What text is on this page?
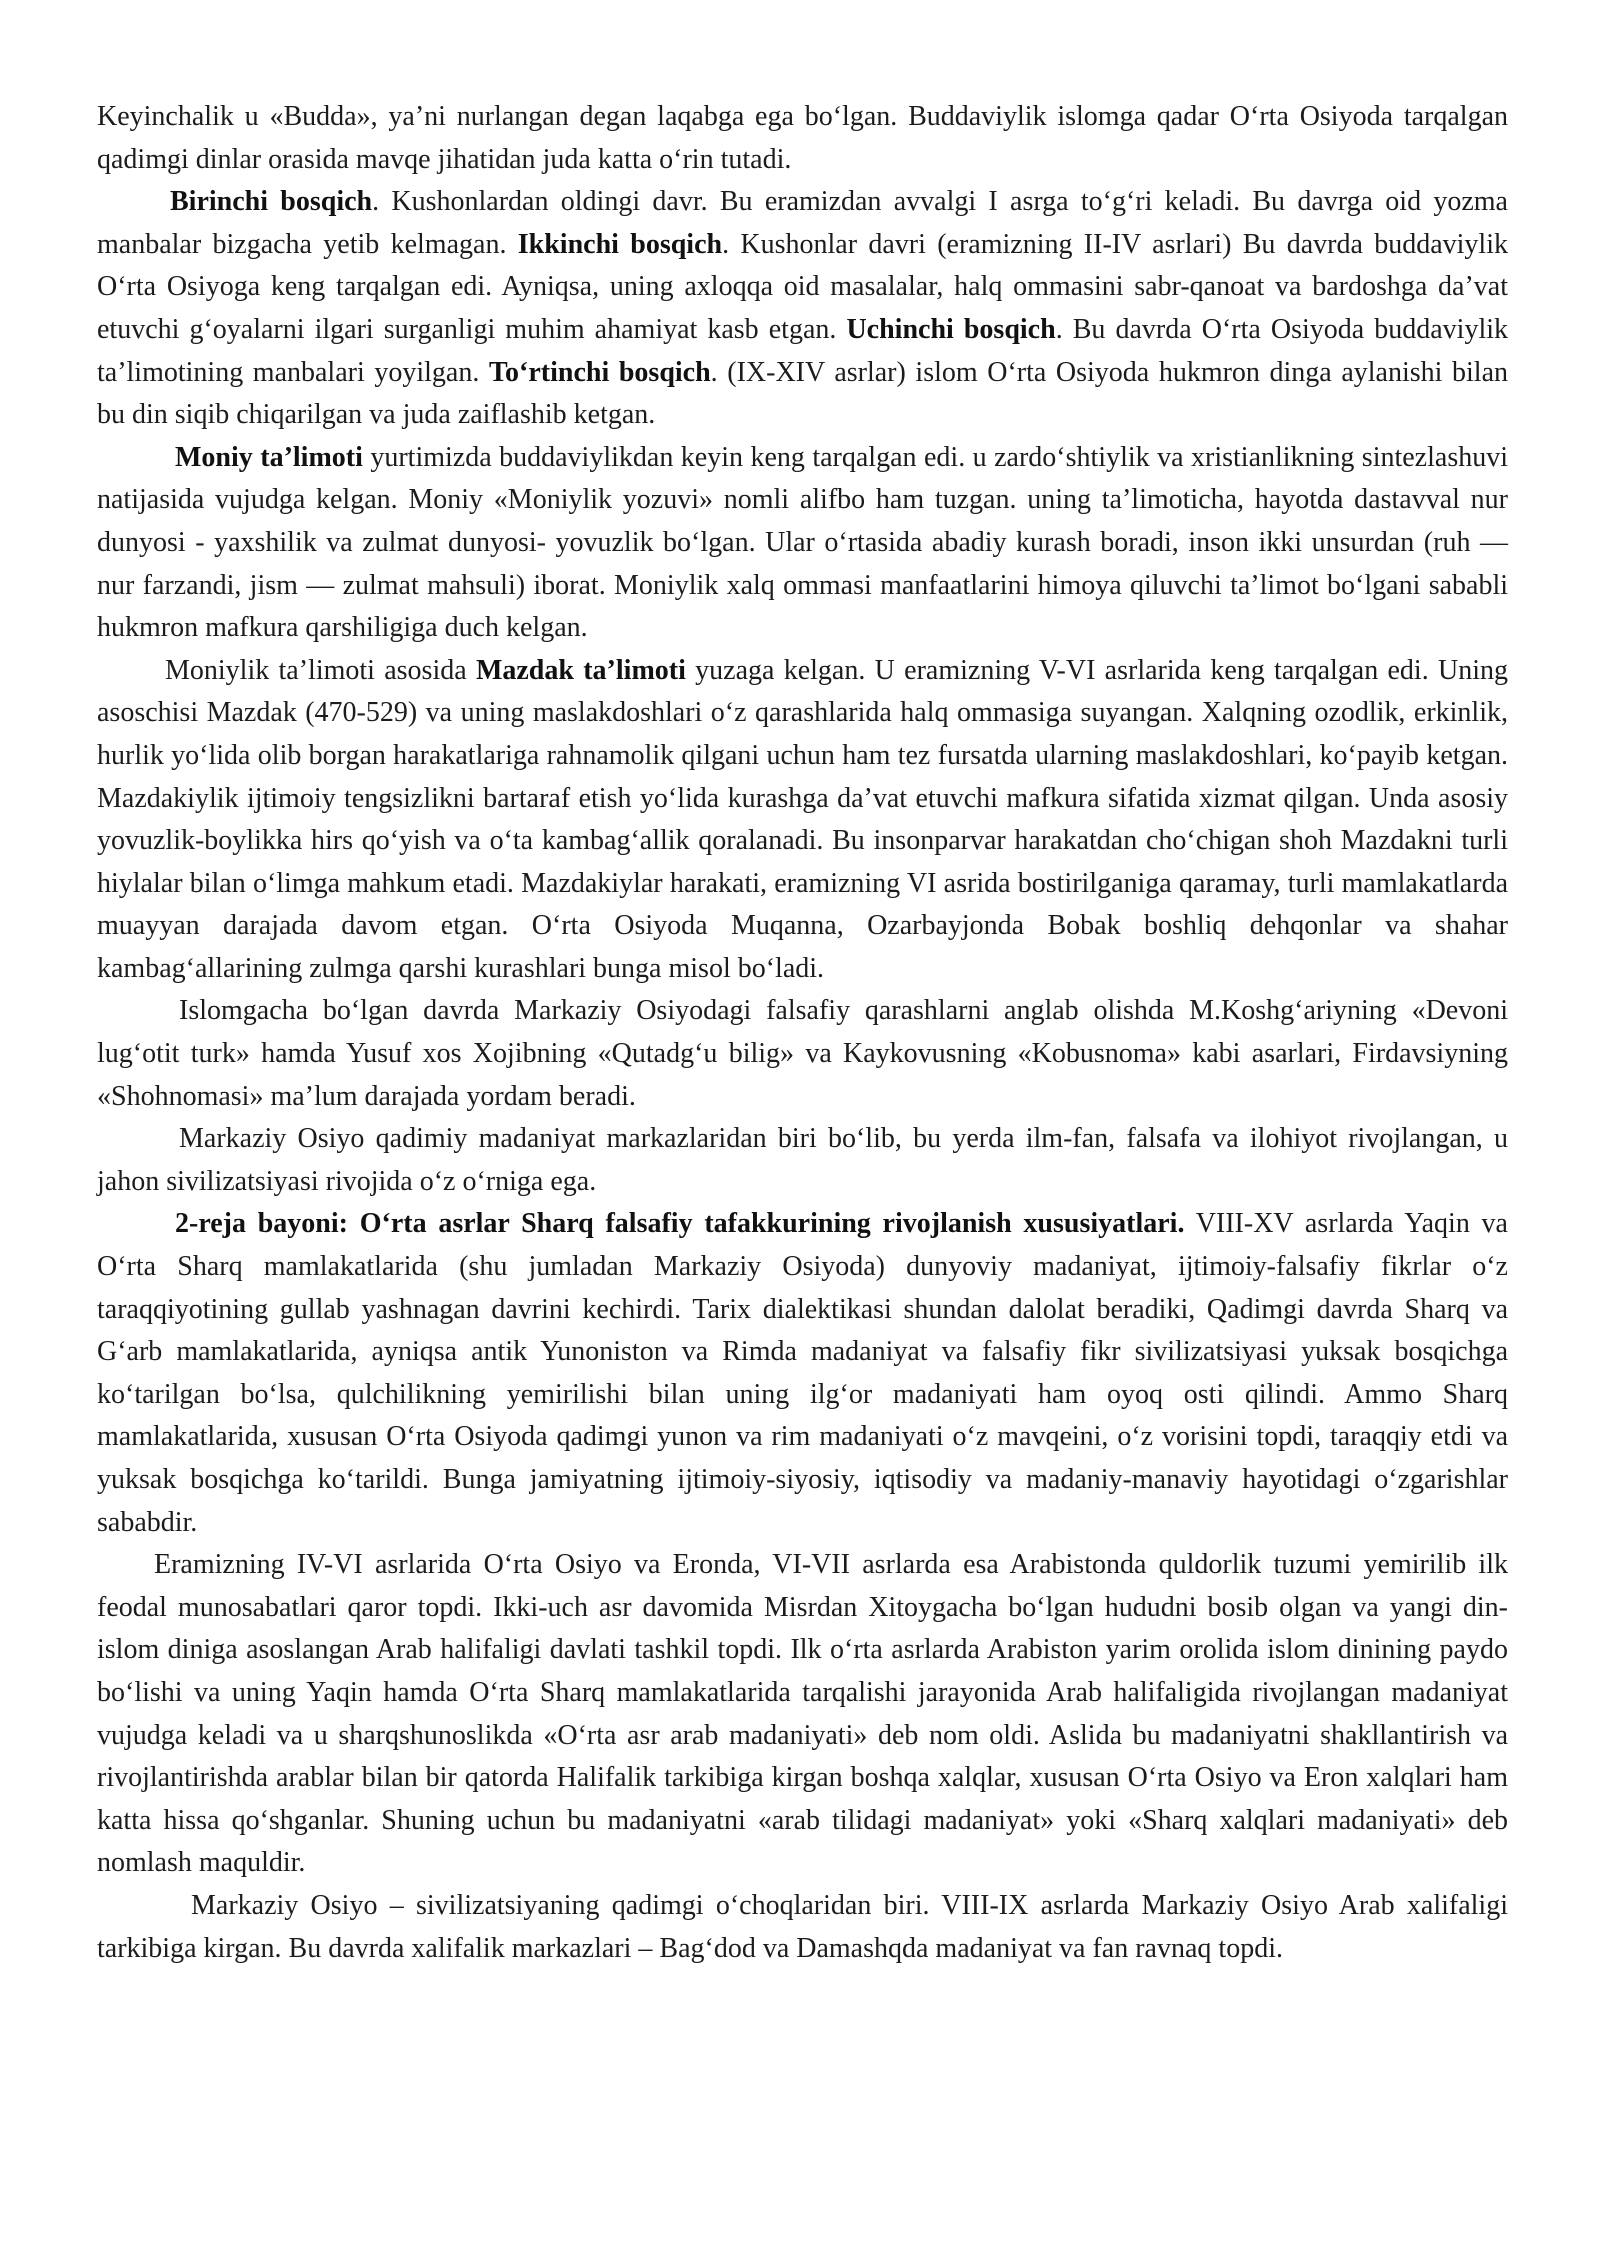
Keyinchalik u «Budda», ya’ni nurlangan degan laqabga ega bo‘lgan. Buddaviylik islomga qadar O‘rta Osiyoda tarqalgan qadimgi dinlar orasida mavqe jihatidan juda katta o‘rin tutadi.

Birinchi bosqich. Kushonlardan oldingi davr. Bu eramizdan avvalgi I asrga to‘g‘ri keladi. Bu davrga oid yozma manbalar bizgacha yetib kelmagan. Ikkinchi bosqich. Kushonlar davri (eramizning II-IV asrlari) Bu davrda buddaviylik O‘rta Osiyoga keng tarqalgan edi. Ayniqsa, uning axloqqa oid masalalar, halq ommasini sabr-qanoat va bardoshga da’vat etuvchi g‘oyalarni ilgari surganligi muhim ahamiyat kasb etgan. Uchinchi bosqich. Bu davrda O‘rta Osiyoda buddaviylik ta’limotining manbalari yoyilgan. To‘rtinchi bosqich. (IX-XIV asrlar) islom O‘rta Osiyoda hukmron dinga aylanishi bilan bu din siqib chiqarilgan va juda zaiflashib ketgan.

Moniy ta’limoti yurtimizda buddaviylikdan keyin keng tarqalgan edi. u zardo‘shtiylik va xristianlikning sintezlashuvi natijasida vujudga kelgan. Moniy «Moniylik yozuvi» nomli alifbo ham tuzgan. uning ta’limoticha, hayotda dastavval nur dunyosi - yaxshilik va zulmat dunyosi- yovuzlik bo‘lgan. Ular o‘rtasida abadiy kurash boradi, inson ikki unsurdan (ruh — nur farzandi, jism — zulmat mahsuli) iborat. Moniylik xalq ommasi manfaatlarini himoya qiluvchi ta’limot bo‘lgani sababli hukmron mafkura qarshiligiga duch kelgan.

Moniylik ta’limoti asosida Mazdak ta’limoti yuzaga kelgan. U eramizning V-VI asrlarida keng tarqalgan edi. Uning asoschisi Mazdak (470-529) va uning maslakdoshlari o‘z qarashlarida halq ommasiga suyangan. Xalqning ozodlik, erkinlik, hurlik yo‘lida olib borgan harakatlariga rahnamolik qilgani uchun ham tez fursatda ularning maslakdoshlari, ko‘payib ketgan. Mazdakiylik ijtimoiy tengsizlikni bartaraf etish yo‘lida kurashga da’vat etuvchi mafkura sifatida xizmat qilgan. Unda asosiy yovuzlik-boylikka hirs qo‘yish va o‘ta kambag‘allik qoralanadi. Bu insonparvar harakatdan cho‘chigan shoh Mazdakni turli hiylalar bilan o‘limga mahkum etadi. Mazdakiylar harakati, eramizning VI asrida bostirilganiga qaramay, turli mamlakatlarda muayyan darajada davom etgan. O‘rta Osiyoda Muqanna, Ozarbayjonda Bobak boshliq dehqonlar va shahar kambag‘allarining zulmga qarshi kurashlari bunga misol bo‘ladi.

Islomgacha bo‘lgan davrda Markaziy Osiyodagi falsafiy qarashlarni anglab olishda M.Koshg‘ariyning «Devoni lug‘otit turk» hamda Yusuf xos Xojibning «Qutadg‘u bilig» va Kaykovusning «Kobusnoma» kabi asarlari, Firdavsiyning «Shohnomasi» ma’lum darajada yordam beradi.

Markaziy Osiyo qadimiy madaniyat markazlaridan biri bo‘lib, bu yerda ilm-fan, falsafa va ilohiyot rivojlangan, u jahon sivilizatsiyasi rivojida o‘z o‘rniga ega.

2-reja bayoni: O‘rta asrlar Sharq falsafiy tafakkurining rivojlanish xususiyatlari. VIII-XV asrlarda Yaqin va O‘rta Sharq mamlakatlarida (shu jumladan Markaziy Osiyoda) dunyoviy madaniyat, ijtimoiy-falsafiy fikrlar o‘z taraqqiyotining gullab yashnagan davrini kechirdi. Tarix dialektikasi shundan dalolat beradiki, Qadimgi davrda Sharq va G‘arb mamlakatlarida, ayniqsa antik Yunoniston va Rimda madaniyat va falsafiy fikr sivilizatsiyasi yuksak bosqichga ko‘tarilgan bo‘lsa, qulchilikning yemirilishi bilan uning ilg‘or madaniyati ham oyoq osti qilindi. Ammo Sharq mamlakatlarida, xususan O‘rta Osiyoda qadimgi yunon va rim madaniyati o‘z mavqeini, o‘z vorisini topdi, taraqqiy etdi va yuksak bosqichga ko‘tarildi. Bunga jamiyatning ijtimoiy-siyosiy, iqtisodiy va madaniy-manaviy hayotidagi o‘zgarishlar sababdir.

Eramizning IV-VI asrlarida O‘rta Osiyo va Eronda, VI-VII asrlarda esa Arabistonda quldorlik tuzumi yemirilib ilk feodal munosabatlari qaror topdi. Ikki-uch asr davomida Misrdan Xitoygacha bo‘lgan hududni bosib olgan va yangi din- islom diniga asoslangan Arab halifaligi davlati tashkil topdi. Ilk o‘rta asrlarda Arabiston yarim orolida islom dinining paydo bo‘lishi va uning Yaqin hamda O‘rta Sharq mamlakatlarida tarqalishi jarayonida Arab halifaligida rivojlangan madaniyat vujudga keladi va u sharqshunoslikda «O‘rta asr arab madaniyati» deb nom oldi. Aslida bu madaniyatni shakllantirish va rivojlantirishda arablar bilan bir qatorda Halifalik tarkibiga kirgan boshqa xalqlar, xususan O‘rta Osiyo va Eron xalqlari ham katta hissa qo‘shganlar. Shuning uchun bu madaniyatni «arab tilidagi madaniyat» yoki «Sharq xalqlari madaniyati» deb nomlash maquldir.

Markaziy Osiyo – sivilizatsiyaning qadimgi o‘choqlaridan biri. VIII-IX asrlarda Markaziy Osiyo Arab xalifaligi tarkibiga kirgan. Bu davrda xalifalik markazlari – Bag‘dod va Damashqda madaniyat va fan ravnaq topdi.
